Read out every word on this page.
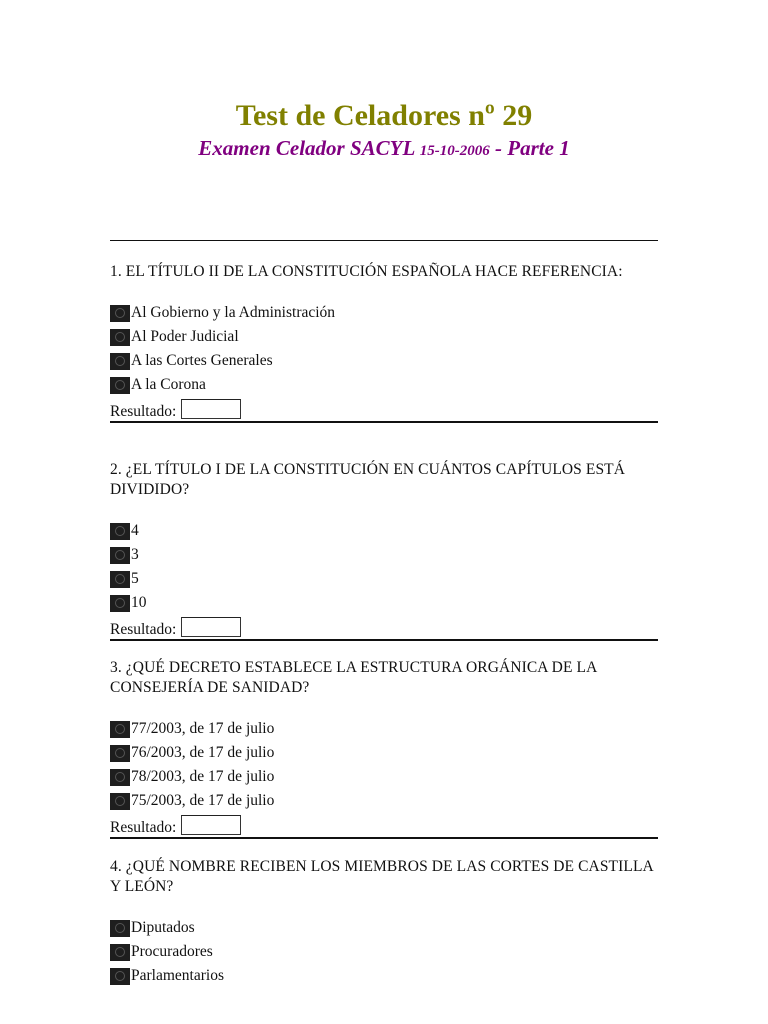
Test de Celadores nº 29
Examen Celador SACYL 15-10-2006 - Parte 1

1. EL TÍTULO II DE LA CONSTITUCIÓN ESPAÑOLA HACE REFERENCIA:

Al Gobierno y la Administración
Al Poder Judicial
A las Cortes Generales
A la Corona
Resultado:

2. ¿EL TÍTULO I DE LA CONSTITUCIÓN EN CUÁNTOS CAPÍTULOS ESTÁ DIVIDIDO?

4
3
5
10
Resultado:

3. ¿QUÉ DECRETO ESTABLECE LA ESTRUCTURA ORGÁNICA DE LA CONSEJERÍA DE SANIDAD?

77/2003, de 17 de julio
76/2003, de 17 de julio
78/2003, de 17 de julio
75/2003, de 17 de julio
Resultado:

4. ¿QUÉ NOMBRE RECIBEN LOS MIEMBROS DE LAS CORTES DE CASTILLA Y LEÓN?

Diputados
Procuradores
Parlamentarios
